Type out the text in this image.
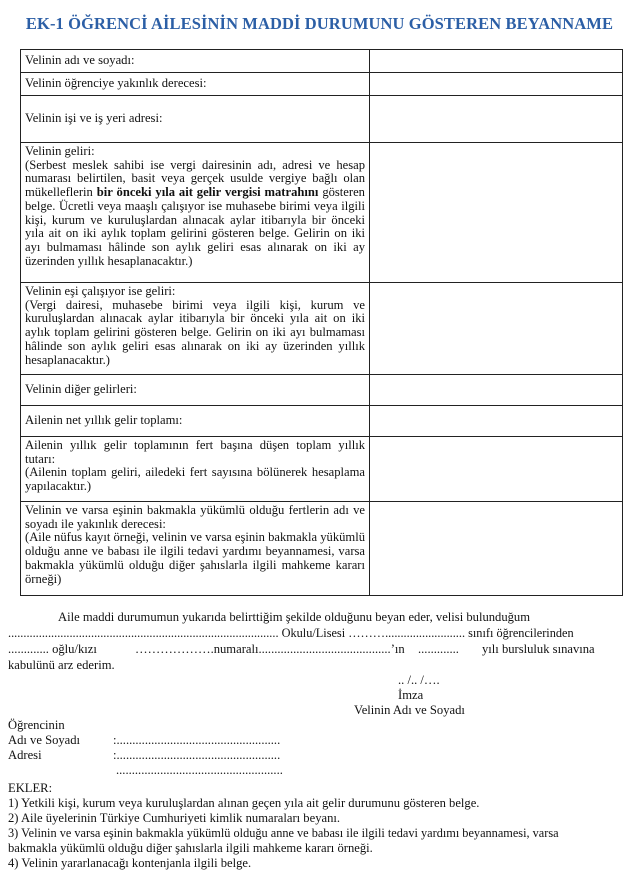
EK-1 ÖĞRENCİ AİLESİNİN MADDİ DURUMUNU GÖSTEREN BEYANNAME
Velinin adı ve soyadı:	
Velinin öğrenciye yakınlık derecesi:	
Velinin işi ve iş yeri adresi:	

Velinin geliri:
(Serbest meslek sahibi ise vergi dairesinin adı, adresi ve hesap numarası belirtilen, basit veya gerçek usulde vergiye bağlı olan mükelleflerin bir önceki yıla ait gelir vergisi matrahını gösteren belge. Ücretli veya maaşlı çalışıyor ise muhasebe birimi veya ilgili kişi, kurum ve kuruluşlardan alınacak aylar itibarıyla bir önceki yıla ait on iki aylık toplam gelirini gösteren belge. Gelirin on iki ayı bulmaması hâlinde son aylık geliri esas alınarak on iki ay üzerinden yıllık hesaplanacaktır.)	

Velinin eşi çalışıyor ise geliri:
(Vergi dairesi, muhasebe birimi veya ilgili kişi, kurum ve kuruluşlardan alınacak aylar itibarıyla bir önceki yıla ait on iki aylık toplam gelirini gösteren belge. Gelirin on iki ayı bulmaması hâlinde son aylık geliri esas alınarak on iki ay üzerinden yıllık hesaplanacaktır.)	
Velinin diğer gelirleri:	
Ailenin net yıllık gelir toplamı:	

Ailenin yıllık gelir toplamının fert başına düşen toplam yıllık tutarı:
(Ailenin toplam geliri, ailedeki fert sayısına bölünerek hesaplama yapılacaktır.)	

Velinin ve varsa eşinin bakmakla yükümlü olduğu fertlerin adı ve soyadı ile yakınlık derecesi:
(Aile nüfus kayıt örneği, velinin ve varsa eşinin bakmakla yükümlü olduğu anne ve babası ile ilgili tedavi yardımı beyannamesi, varsa bakmakla yükümlü olduğu diğer şahıslarla ilgili mahkeme kararı örneği)	
Aile maddi durumumun yukarıda belirttiğim şekilde olduğunu beyan eder, velisi bulunduğum
........................................................................................ Okulu/Lisesi ……….......................... sınıfı öğrencilerinden
............. oğlu/kızı	……………….numaralı..........................................’ın ............. yılı bursluluk sınavına
kabulünü arz ederim.
.. /.. /….
İmza
Velinin Adı ve Soyadı
Öğrencinin
Adı ve Soyadı	:....................................................
Adresi	:....................................................
.....................................................
EKLER:
1) Yetkili kişi, kurum veya kuruluşlardan alınan geçen yıla ait gelir durumunu gösteren belge.
2) Aile üyelerinin Türkiye Cumhuriyeti kimlik numaraları beyanı.
3) Velinin ve varsa eşinin bakmakla yükümlü olduğu anne ve babası ile ilgili tedavi yardımı beyannamesi, varsa
bakmakla yükümlü olduğu diğer şahıslarla ilgili mahkeme kararı örneği.
4) Velinin yararlanacağı kontenjanla ilgili belge.
